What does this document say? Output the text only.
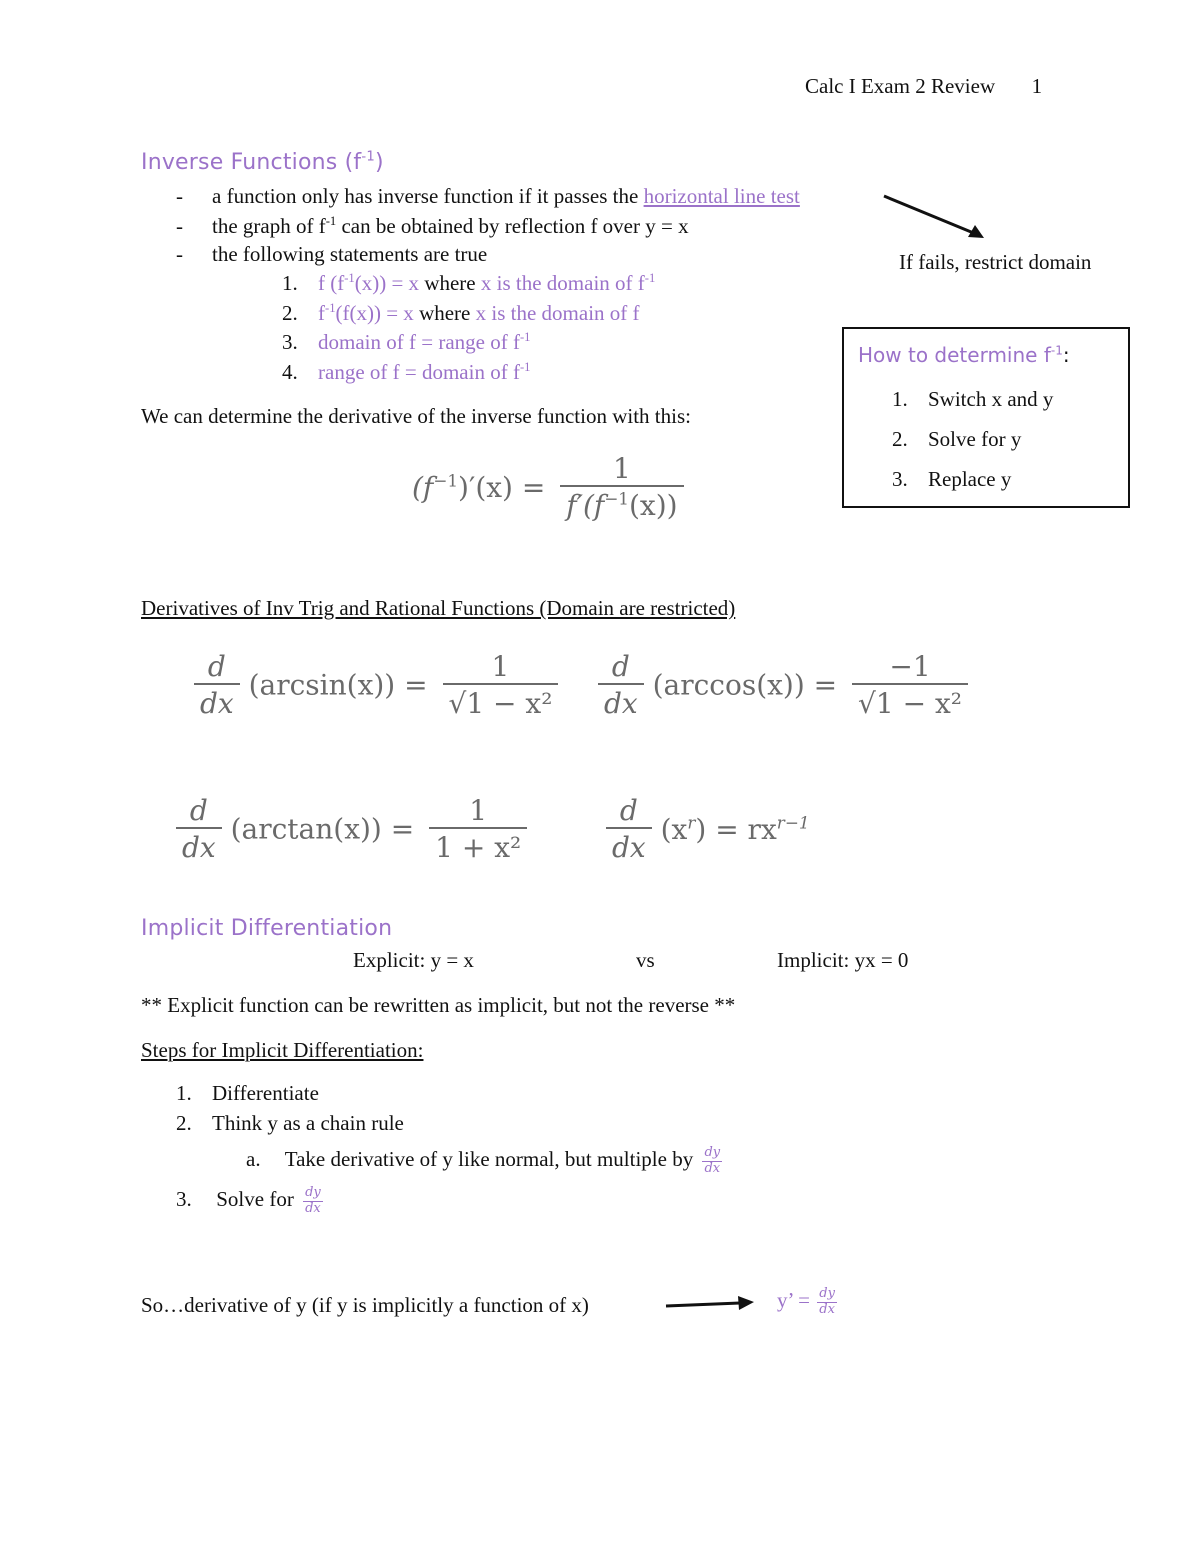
Calc I Exam 2 Review 1
Inverse Functions $(f^{-1})$
- a function only has inverse function if it passes the horizontal line test
- the graph of $f^{-1}$ can be obtained by reflection f over y = x
- the following statements are true
1. f $(f^{-1}(x)) = x$ where x is the domain of $f^{-1}$
2. $f^{-1}(f(x)) = x$ where x is the domain of f
3. domain of f = range of $f^{-1}$
4. range of f = domain of $f^{-1}$
We can determine the derivative of the inverse function with this:
$(f^{-1})'(x) = \frac{1}{f'(f^{-1}(x))}$
If fails, restrict domain
How to determine $f^{-1}$:
1. Switch x and y
2. Solve for y
3. Replace y
Derivatives of Inv Trig and Rational Functions (Domain are restricted)
$\frac{d}{dx} (\arcsin(x)) = \frac{1}{\text{√1 − x²}} \frac{d}{dx} (\arccos(x)) = \frac{-1}{\text{√1 − x²}}$
$\frac{d}{dx} (\arctan(x)) = \frac{1}{\text{1 + x²}}$	$\frac{d}{dx} (x^r) = rx^{r-1}$
Implicit Differentiation
Explicit: y = x	vs	Implicit: yx = 0
** Explicit function can be rewritten as implicit, but not the reverse **
Steps for Implicit Differentiation:
1. Differentiate
2. Think y as a chain rule
a. Take derivative of y like normal, but multiple by $\frac{dy}{dx}$
3. Solve for $\frac{dy}{dx}$
So…derivative of y (if y is implicitly a function of x)	y’ = $\frac{dy}{dx}$
